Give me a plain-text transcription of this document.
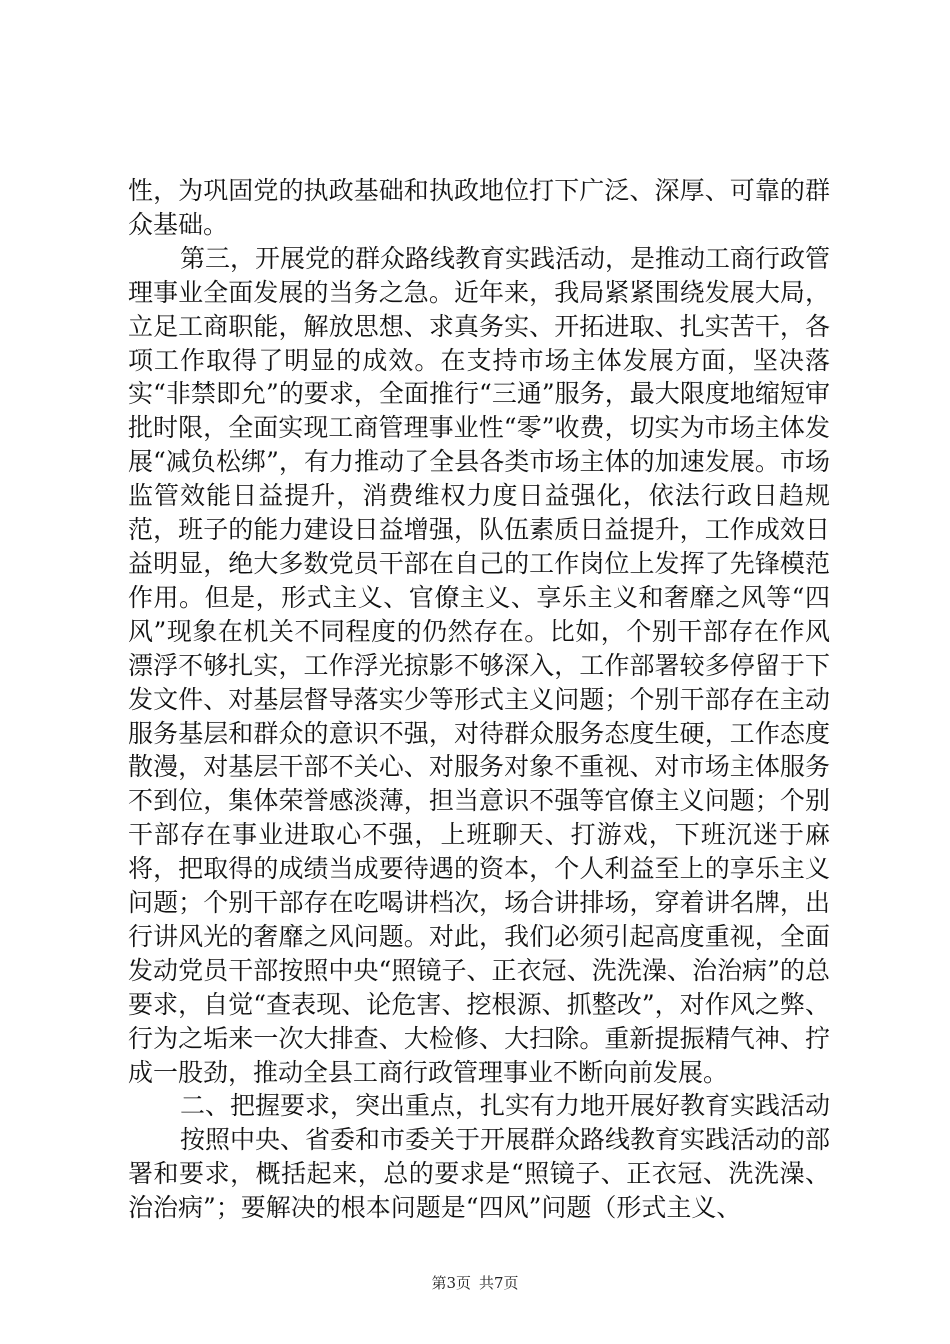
性，为巩固党的执政基础和执政地位打下广泛、深厚、可靠的群众基础。

第三，开展党的群众路线教育实践活动，是推动工商行政管理事业全面发展的当务之急。近年来，我局紧紧围绕发展大局，立足工商职能，解放思想、求真务实、开拓进取、扎实苦干，各项工作取得了明显的成效。在支持市场主体发展方面，坚决落实“非禁即允”的要求，全面推行“三通”服务，最大限度地缩短审批时限，全面实现工商管理事业性“零”收费，切实为市场主体发展“减负松绑”，有力推动了全县各类市场主体的加速发展。市场监管效能日益提升，消费维权力度日益强化，依法行政日趋规范，班子的能力建设日益增强，队伍素质日益提升，工作成效日益明显，绝大多数党员干部在自己的工作岗位上发挥了先锋模范作用。但是，形式主义、官僚主义、享乐主义和奢靡之风等“四风”现象在机关不同程度的仍然存在。比如，个别干部存在作风漂浮不够扎实，工作浮光掠影不够深入，工作部署较多停留于下发文件、对基层督导落实少等形式主义问题；个别干部存在主动服务基层和群众的意识不强，对待群众服务态度生硬，工作态度散漫，对基层干部不关心、对服务对象不重视、对市场主体服务不到位，集体荣誉感淡薄，担当意识不强等官僚主义问题；个别干部存在事业进取心不强，上班聊天、打游戏，下班沉迷于麻将，把取得的成绩当成要待遇的资本，个人利益至上的享乐主义问题；个别干部存在吃喝讲档次，场合讲排场，穿着讲名牌，出行讲风光的奢靡之风问题。对此，我们必须引起高度重视，全面发动党员干部按照中央“照镜子、正衣冠、洗洗澡、治治病”的总要求，自觉“查表现、论危害、挖根源、抓整改”，对作风之弊、行为之垢来一次大排查、大检修、大扫除。重新提振精气神、拧成一股劲，推动全县工商行政管理事业不断向前发展。

二、把握要求，突出重点，扎实有力地开展好教育实践活动

按照中央、省委和市委关于开展群众路线教育实践活动的部署和要求，概括起来，总的要求是“照镜子、正衣冠、洗洗澡、治治病”；要解决的根本问题是“四风”问题（形式主义、

第3页 共7页
